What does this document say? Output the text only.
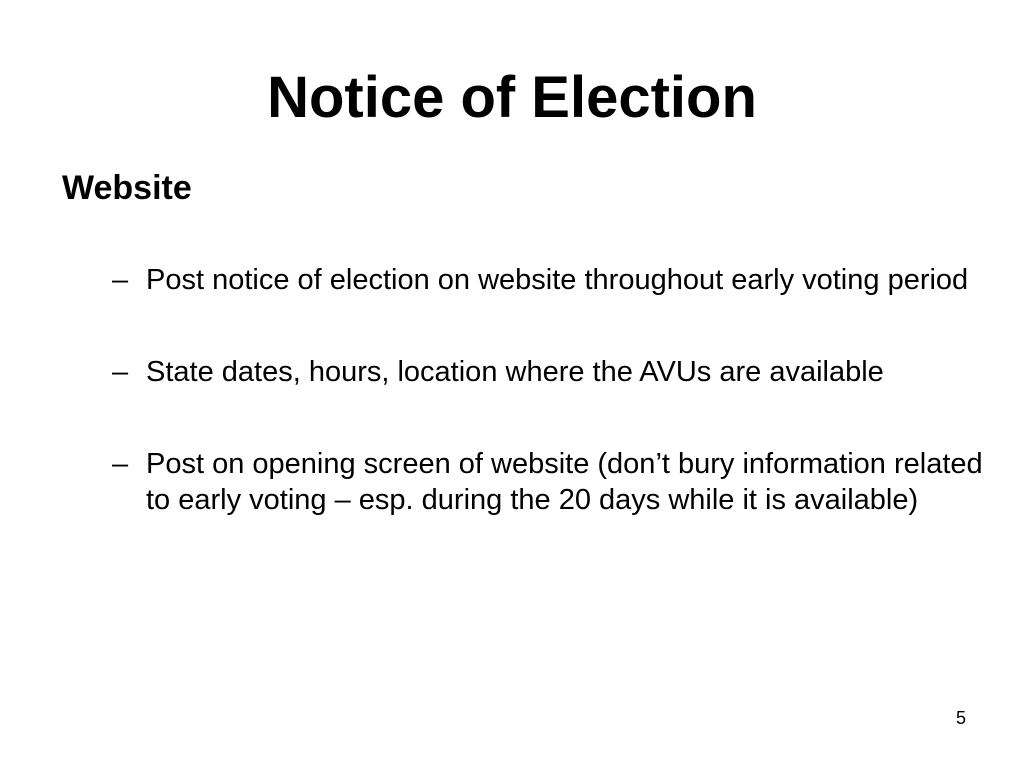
Notice of Election
Website
– Post notice of election on website throughout early voting period
– State dates, hours, location where the AVUs are available
– Post on opening screen of website (don’t bury information related to early voting – esp. during the 20 days while it is available)
5
